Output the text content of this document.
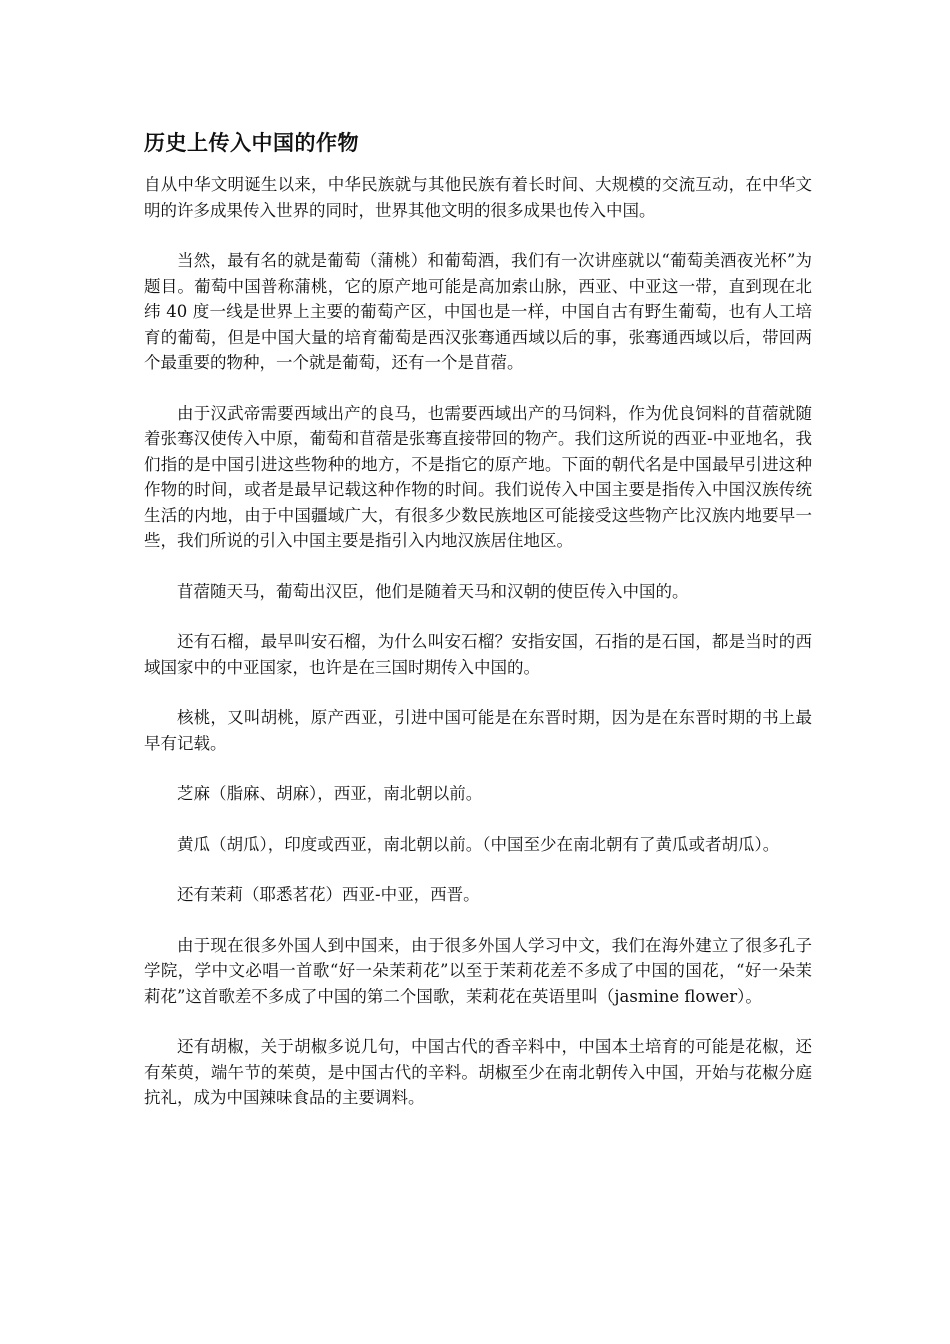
历史上传入中国的作物

自从中华文明诞生以来，中华民族就与其他民族有着长时间、大规模的交流互动，在中华文明的许多成果传入世界的同时，世界其他文明的很多成果也传入中国。

当然，最有名的就是葡萄（蒲桃）和葡萄酒，我们有一次讲座就以“葡萄美酒夜光杯”为题目。葡萄中国普称蒲桃，它的原产地可能是高加索山脉，西亚、中亚这一带，直到现在北纬 40 度一线是世界上主要的葡萄产区，中国也是一样，中国自古有野生葡萄，也有人工培育的葡萄，但是中国大量的培育葡萄是西汉张骞通西域以后的事，张骞通西域以后，带回两个最重要的物种，一个就是葡萄，还有一个是苜蓿。

由于汉武帝需要西域出产的良马，也需要西域出产的马饲料，作为优良饲料的苜蓿就随着张骞汉使传入中原，葡萄和苜蓿是张骞直接带回的物产。我们这所说的西亚-中亚地名，我们指的是中国引进这些物种的地方，不是指它的原产地。下面的朝代名是中国最早引进这种作物的时间，或者是最早记载这种作物的时间。我们说传入中国主要是指传入中国汉族传统生活的内地，由于中国疆域广大，有很多少数民族地区可能接受这些物产比汉族内地要早一些，我们所说的引入中国主要是指引入内地汉族居住地区。

苜蓿随天马，葡萄出汉臣，他们是随着天马和汉朝的使臣传入中国的。

还有石榴，最早叫安石榴，为什么叫安石榴？安指安国，石指的是石国，都是当时的西域国家中的中亚国家，也许是在三国时期传入中国的。

核桃，又叫胡桃，原产西亚，引进中国可能是在东晋时期，因为是在东晋时期的书上最早有记载。

芝麻（脂麻、胡麻），西亚，南北朝以前。

黄瓜（胡瓜），印度或西亚，南北朝以前。（中国至少在南北朝有了黄瓜或者胡瓜）。

还有茉莉（耶悉茗花）西亚-中亚，西晋。

由于现在很多外国人到中国来，由于很多外国人学习中文，我们在海外建立了很多孔子学院，学中文必唱一首歌“好一朵茉莉花”以至于茉莉花差不多成了中国的国花，“好一朵茉莉花”这首歌差不多成了中国的第二个国歌，茉莉花在英语里叫（jasmine flower）。

还有胡椒，关于胡椒多说几句，中国古代的香辛料中，中国本土培育的可能是花椒，还有茱萸，端午节的茱萸，是中国古代的辛料。胡椒至少在南北朝传入中国，开始与花椒分庭抗礼，成为中国辣味食品的主要调料。
